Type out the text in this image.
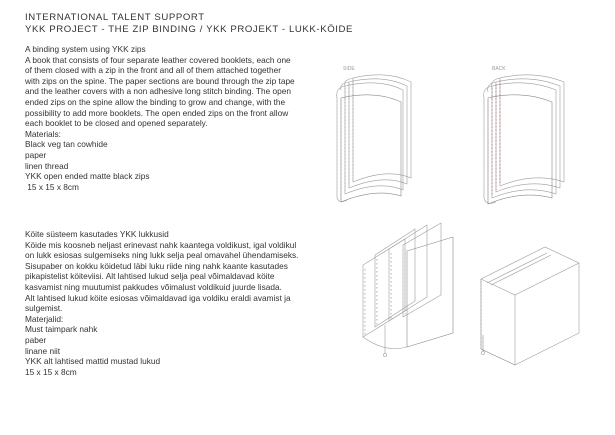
INTERNATIONAL TALENT SUPPORT
YKK PROJECT - THE ZIP BINDING / YKK PROJEKT - LUKK-KÖIDE
A binding system using YKK zips
A book that consists of four separate leather covered booklets, each one
of them closed with a zip in the front and all of them attached together
with zips on the spine. The paper sections are bound through the zip tape
and the leather covers with a non adhesive long stitch binding. The open
ended zips on the spine allow the binding to grow and change, with the
possibility to add more booklets. The open ended zips on the front allow
each booklet to be closed and opened separately.
Materials:
Black veg tan cowhide
paper
linen thread
YKK open ended matte black zips
15 x 15 x 8cm
Köite süsteem kasutades YKK lukkusid
Köide mis koosneb neljast erinevast nahk kaantega voldikust, igal voldikul
on lukk esiosas sulgemiseks ning lukk selja peal omavahel ühendamiseks.
Sisupaber on kokku köidetud läbi luku riide ning nahk kaante kasutades
pikapistelist köiteviisi. Alt lahtised lukud selja peal võimaldavad köite
kasvamist ning muutumist pakkudes võimalust voldikuid juurde lisada.
Alt lahtised lukud köite esiosas võimaldavad iga voldiku eraldi avamist ja
sulgemist.
Materjalid:
Must taimpark nahk
paber
linane niit
YKK alt lahtised mattid mustad lukud
15 x 15 x 8cm
SIDE	BACK
